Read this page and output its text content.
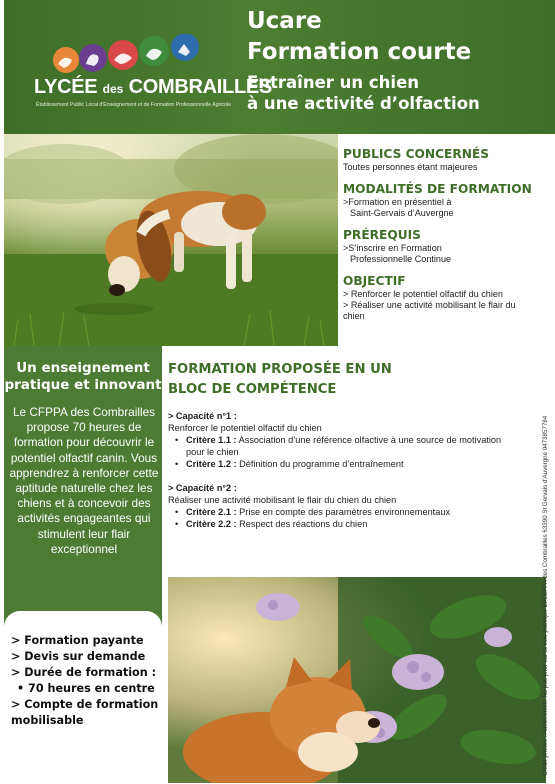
LYCÉE des COMBRAILLES
Établissement Public Local d'Enseignement et de Formation Professionnelle Agricole
Ucare
Formation courte
Entraîner un chien
à une activité d’olfaction
PUBLICS CONCERNÉS

Toutes personnes étant majeures

MODALITÉS DE FORMATION

>Formation en présentiel à

Saint-Gervais d’Auvergne

PRÉREQUIS

>S’inscrire en Formation

Professionnelle Continue

OBJECTIF

> Renforcer le potentiel olfactif du chien

> Réaliser une activité mobilisant le flair du

chien

Un enseignement
pratique et innovant
Le CFPPA des Combrailles propose 70 heures de formation pour découvrir le potentiel olfactif canin. Vous apprendrez à renforcer cette aptitude naturelle chez les chiens et à concevoir des activités engageantes qui stimulent leur flair exceptionnel
> Formation payante
> Devis sur demande
> Durée de formation :
• 70 heures en centre
> Compte de formation mobilisable
FORMATION PROPOSÉE EN UN
BLOC DE COMPÉTENCE
> Capacité n°1 :
Renforcer le potentiel olfactif du chien
• Critère 1.1 : Association d’une référence olfactive à une source de motivation
pour le chien
• Critère 1.2 : Définition du programme d’entraînement
> Capacité n°2 :
Réaliser une activité mobilisant le flair du chien du chien
• Critère 2.1 : Prise en compte des paramètres environnementaux
• Critère 2.2 : Respect des réactions du chien	Crédit photos : AdobeStock. Ne pas jeter sur la voie publique EPLEFPA des Combrailles 63390 St Gervais d'Auvergne 0473857784
